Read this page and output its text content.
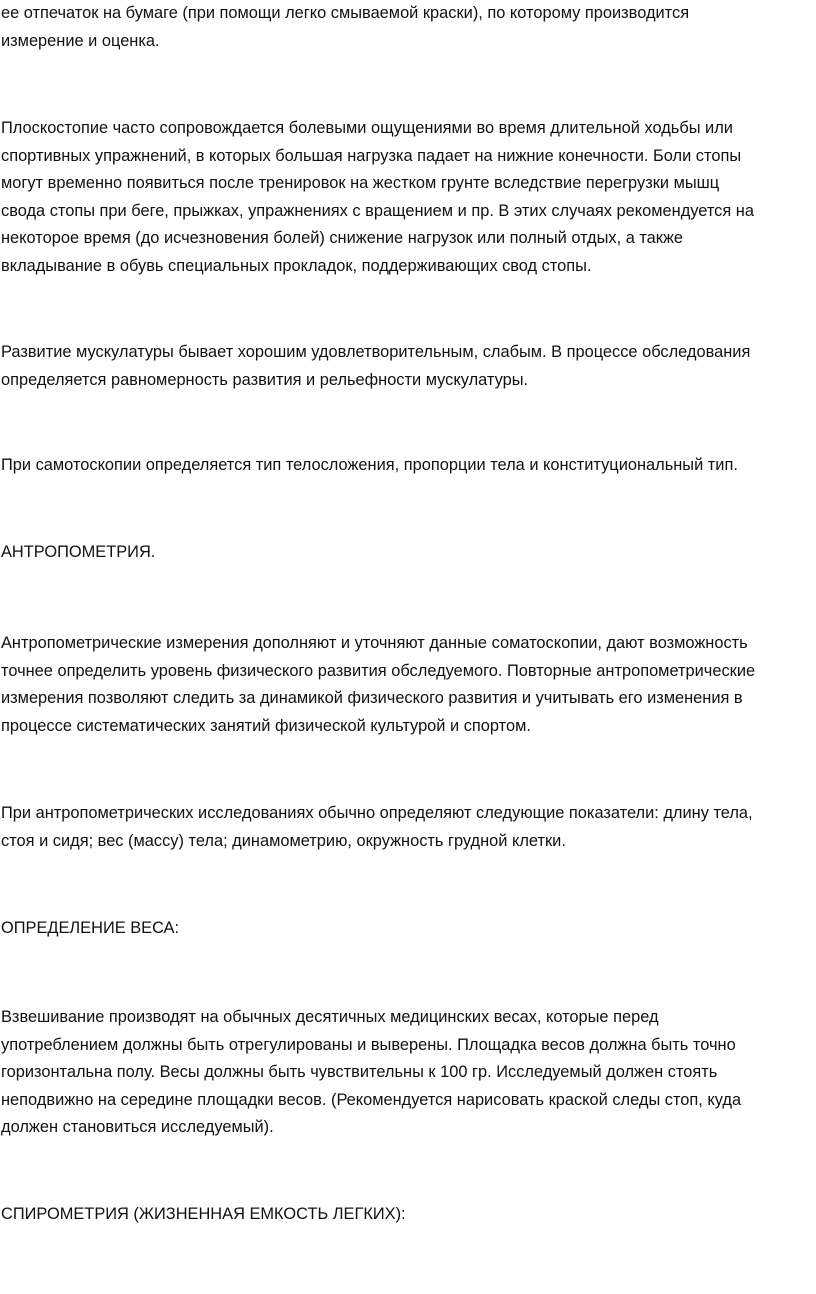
ее отпечаток на бумаге (при помощи легко смываемой краски), по которому производится
измерение и оценка.

Плоскостопие часто сопровождается болевыми ощущениями во время длительной ходьбы или
спортивных упражнений, в которых большая нагрузка падает на нижние конечности. Боли стопы
могут временно появиться после тренировок на жестком грунте вследствие перегрузки мышц
свода стопы при беге, прыжках, упражнениях с вращением и пр. В этих случаях рекомендуется на
некоторое время (до исчезновения болей) снижение нагрузок или полный отдых, а также
вкладывание в обувь специальных прокладок, поддерживающих свод стопы.

Развитие мускулатуры бывает хорошим удовлетворительным, слабым. В процессе обследования
определяется равномерность развития и рельефности мускулатуры.

При самотоскопии определяется тип телосложения, пропорции тела и конституциональный тип.

АНТРОПОМЕТРИЯ.

Антропометрические измерения дополняют и уточняют данные соматоскопии, дают возможность
точнее определить уровень физического развития обследуемого. Повторные антропометрические
измерения позволяют следить за динамикой физического развития и учитывать его изменения в
процессе систематических занятий физической культурой и спортом.

При антропометрических исследованиях обычно определяют следующие показатели: длину тела,
стоя и сидя; вес (массу) тела; динамометрию, окружность грудной клетки.

ОПРЕДЕЛЕНИЕ ВЕСА:

Взвешивание производят на обычных десятичных медицинских весах, которые перед
употреблением должны быть отрегулированы и выверены. Площадка весов должна быть точно
горизонтальна полу. Весы должны быть чувствительны к 100 гр. Исследуемый должен стоять
неподвижно на середине площадки весов. (Рекомендуется нарисовать краской следы стоп, куда
должен становиться исследуемый).

СПИРОМЕТРИЯ (ЖИЗНЕННАЯ ЕМКОСТЬ ЛЕГКИХ):
